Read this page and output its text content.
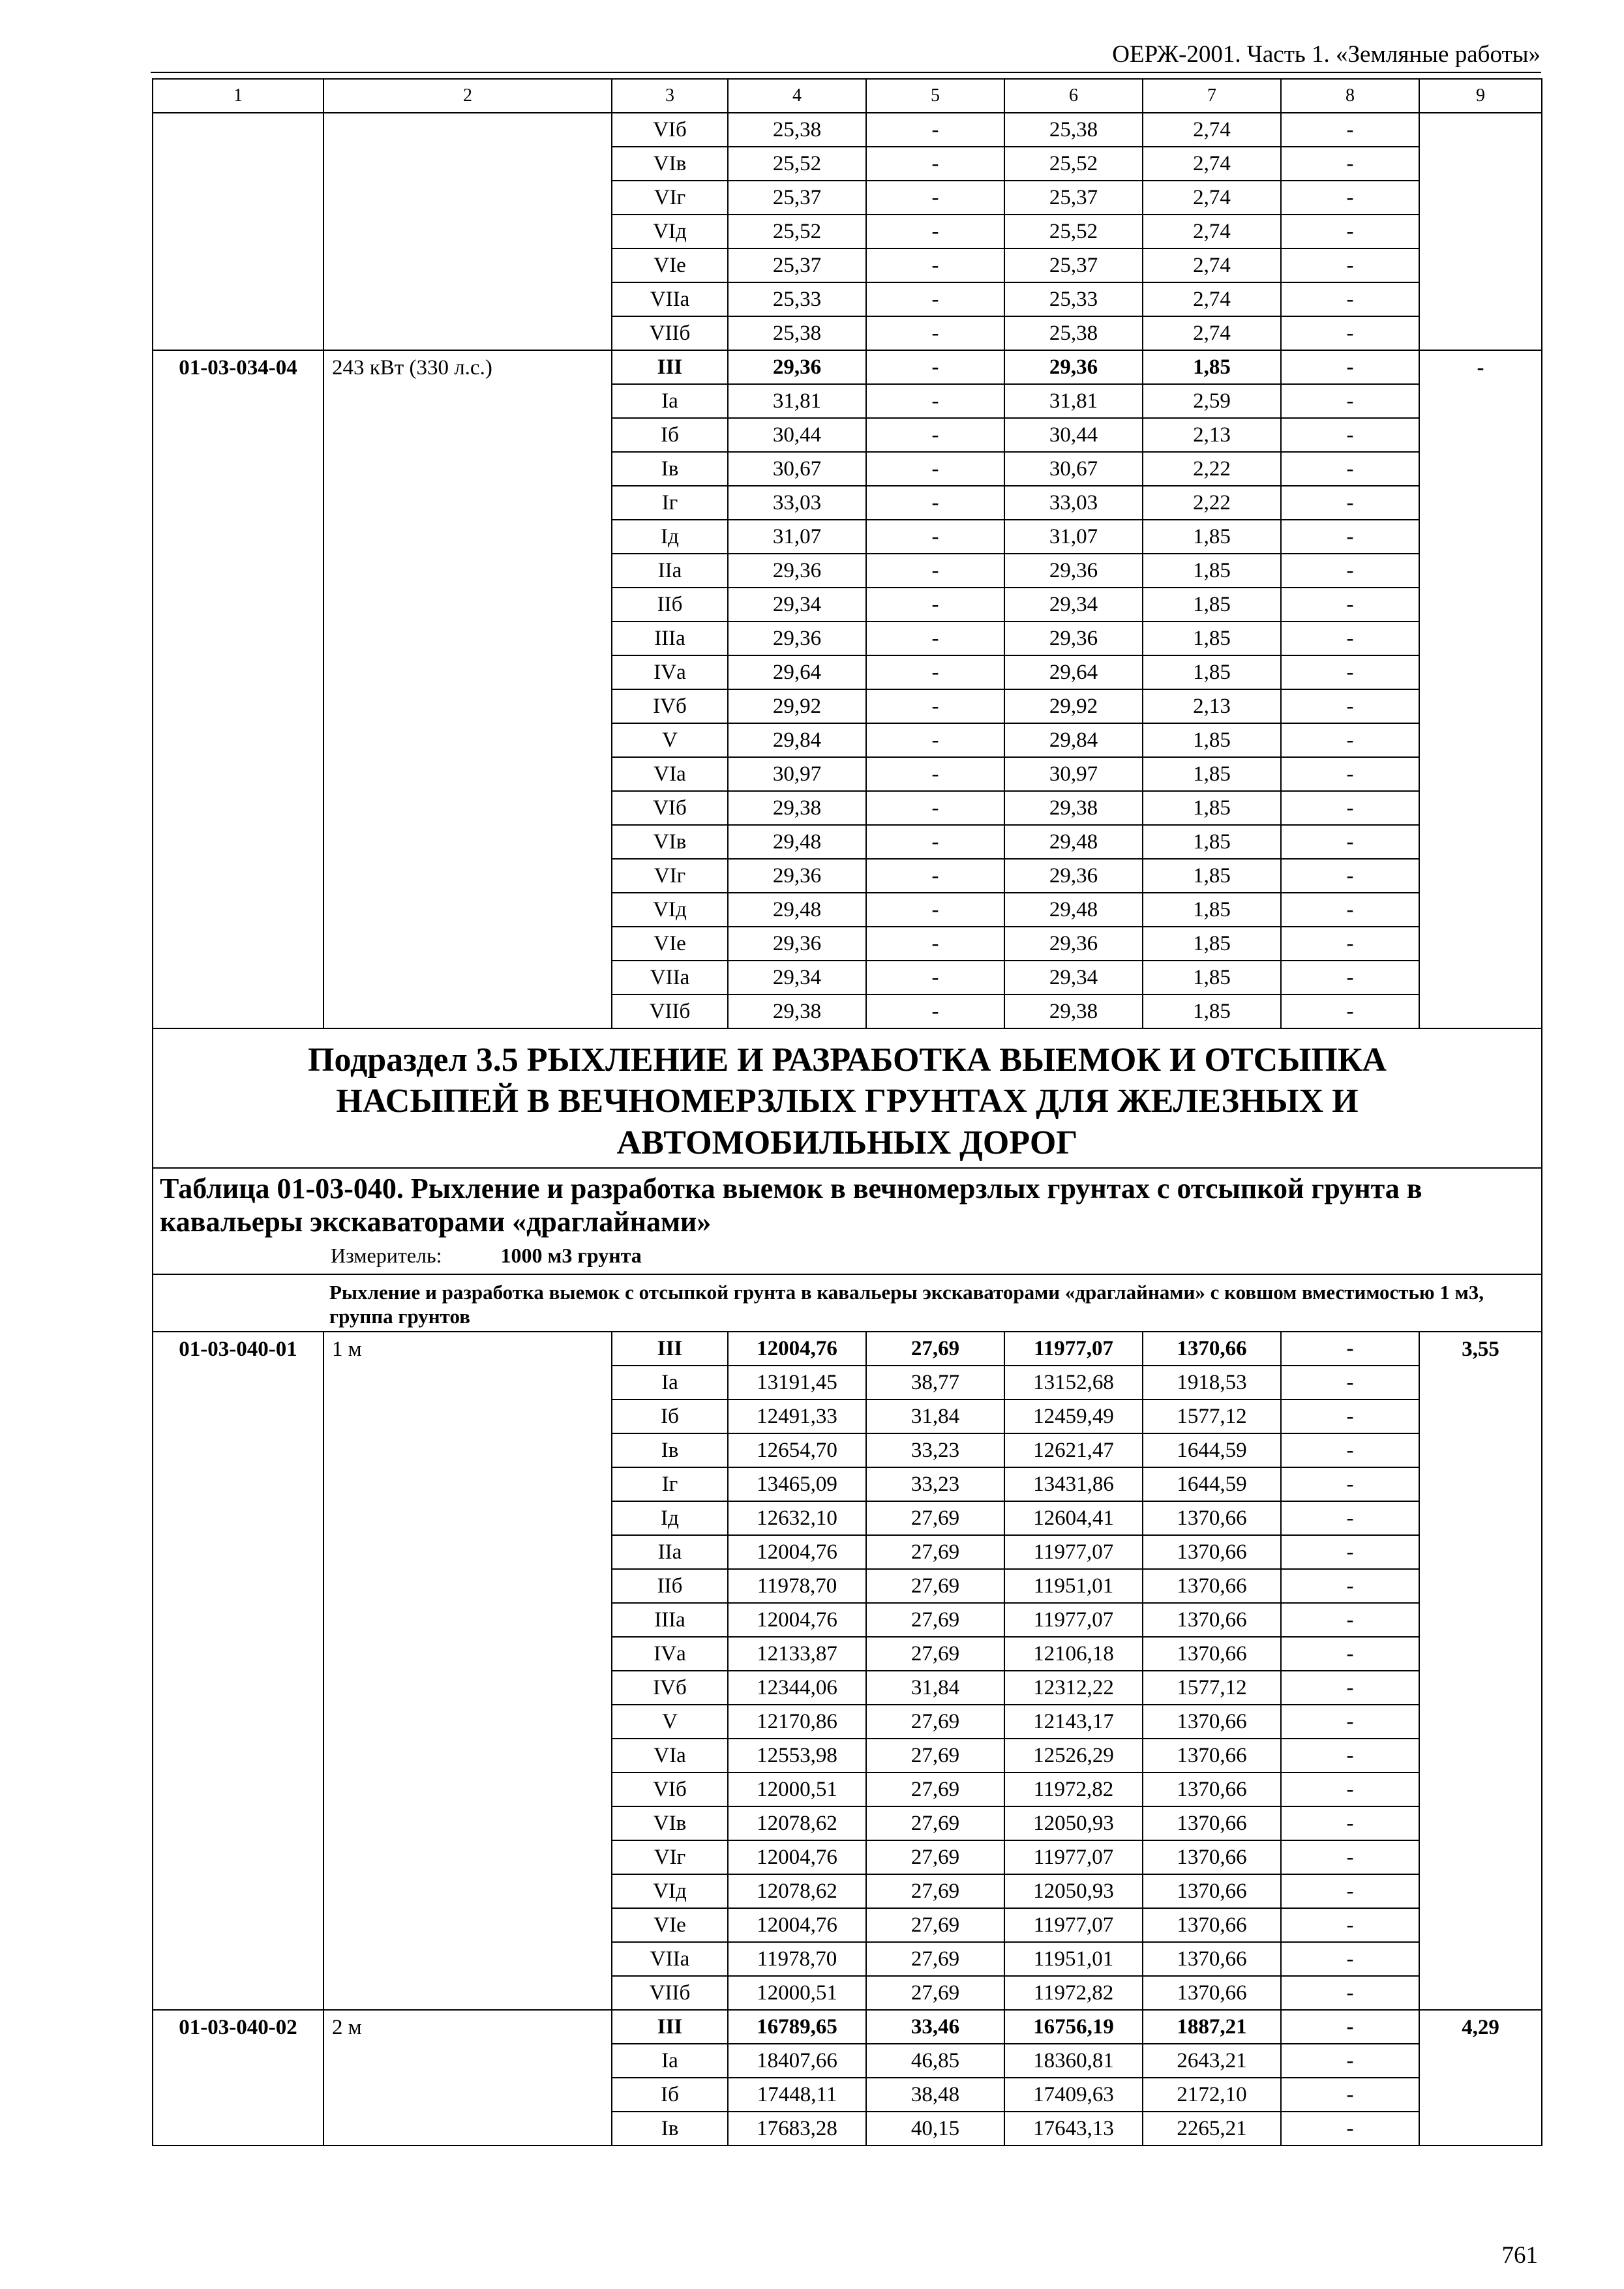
ОЕРЖ-2001. Часть 1. «Земляные работы»
1	2	3	4	5	6	7	8	9
		VIб	25,38	-	25,38	2,74	-	
		VIв	25,52	-	25,52	2,74	-	
		VIг	25,37	-	25,37	2,74	-	
		VIд	25,52	-	25,52	2,74	-	
		VIе	25,37	-	25,37	2,74	-	
		VIIа	25,33	-	25,33	2,74	-	
		VIIб	25,38	-	25,38	2,74	-	
01-03-034-04	243 кВт (330 л.с.)	III	29,36	-	29,36	1,85	-	-
		Iа	31,81	-	31,81	2,59	-	
		Iб	30,44	-	30,44	2,13	-	
		Iв	30,67	-	30,67	2,22	-	
		Iг	33,03	-	33,03	2,22	-	
		Iд	31,07	-	31,07	1,85	-	
		IIа	29,36	-	29,36	1,85	-	
		IIб	29,34	-	29,34	1,85	-	
		IIIа	29,36	-	29,36	1,85	-	
		IVа	29,64	-	29,64	1,85	-	
		IVб	29,92	-	29,92	2,13	-	
		V	29,84	-	29,84	1,85	-	
		VIа	30,97	-	30,97	1,85	-	
		VIб	29,38	-	29,38	1,85	-	
		VIв	29,48	-	29,48	1,85	-	
		VIг	29,36	-	29,36	1,85	-	
		VIд	29,48	-	29,48	1,85	-	
		VIе	29,36	-	29,36	1,85	-	
		VIIа	29,34	-	29,34	1,85	-	
		VIIб	29,38	-	29,38	1,85	-	

Подраздел 3.5 РЫХЛЕНИЕ И РАЗРАБОТКА ВЫЕМОК И ОТСЫПКА
НАСЫПЕЙ В ВЕЧНОМЕРЗЛЫХ ГРУНТАХ ДЛЯ ЖЕЛЕЗНЫХ И
АВТОМОБИЛЬНЫХ ДОРОГ								

Таблица 01-03-040. Рыхление и разработка выемок в вечномерзлых грунтах с отсыпкой грунта в кавальеры экскаваторами «драглайнами»
Измеритель: 1000 м3 грунта								

Рыхление и разработка выемок с отсыпкой грунта в кавальеры экскаваторами «драглайнами» с ковшом вместимостью 1 м3, группа грунтов								
01-03-040-01	1 м	III	12004,76	27,69	11977,07	1370,66	-	3,55
		Iа	13191,45	38,77	13152,68	1918,53	-	
		Iб	12491,33	31,84	12459,49	1577,12	-	
		Iв	12654,70	33,23	12621,47	1644,59	-	
		Iг	13465,09	33,23	13431,86	1644,59	-	
		Iд	12632,10	27,69	12604,41	1370,66	-	
		IIа	12004,76	27,69	11977,07	1370,66	-	
		IIб	11978,70	27,69	11951,01	1370,66	-	
		IIIа	12004,76	27,69	11977,07	1370,66	-	
		IVа	12133,87	27,69	12106,18	1370,66	-	
		IVб	12344,06	31,84	12312,22	1577,12	-	
		V	12170,86	27,69	12143,17	1370,66	-	
		VIа	12553,98	27,69	12526,29	1370,66	-	
		VIб	12000,51	27,69	11972,82	1370,66	-	
		VIв	12078,62	27,69	12050,93	1370,66	-	
		VIг	12004,76	27,69	11977,07	1370,66	-	
		VIд	12078,62	27,69	12050,93	1370,66	-	
		VIе	12004,76	27,69	11977,07	1370,66	-	
		VIIа	11978,70	27,69	11951,01	1370,66	-	
		VIIб	12000,51	27,69	11972,82	1370,66	-	
01-03-040-02	2 м	III	16789,65	33,46	16756,19	1887,21	-	4,29
		Iа	18407,66	46,85	18360,81	2643,21	-	
		Iб	17448,11	38,48	17409,63	2172,10	-	
		Iв	17683,28	40,15	17643,13	2265,21	-	
761
